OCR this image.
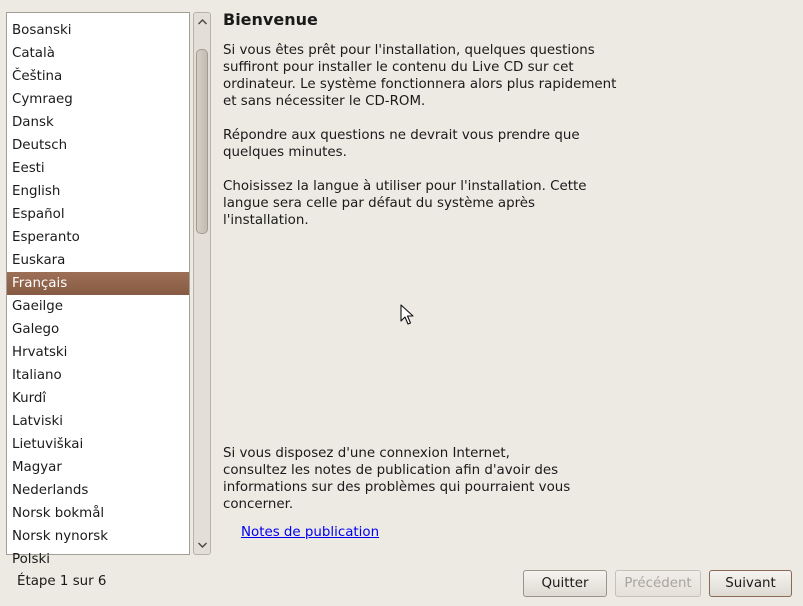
Bosanski
Català
Čeština
Cymraeg
Dansk
Deutsch
Eesti
English
Español
Esperanto
Euskara
Français
Gaeilge
Galego
Hrvatski
Italiano
Kurdî
Latviski
Lietuviškai
Magyar
Nederlands
Norsk bokmål
Norsk nynorsk
Polski
Bienvenue

Si vous êtes prêt pour l'installation, quelques questions
suffiront pour installer le contenu du Live CD sur cet
ordinateur. Le système fonctionnera alors plus rapidement
et sans nécessiter le CD-ROM.

Répondre aux questions ne devrait vous prendre que
quelques minutes.

Choisissez la langue à utiliser pour l'installation. Cette
langue sera celle par défaut du système après l'installation.

Si vous disposez d'une connexion Internet,
consultez les notes de publication afin d'avoir des
informations sur des problèmes qui pourraient vous
concerner.

Notes de publication
Étape 1 sur 6	Quitter	Précédent	Suivant
